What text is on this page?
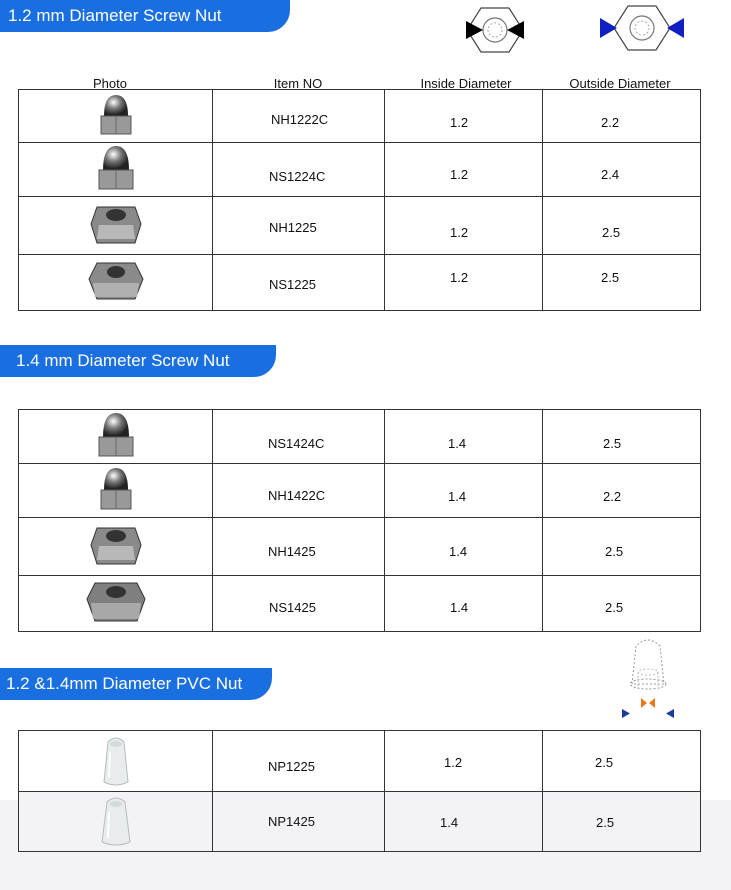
1.2 mm Diameter Screw Nut
Photo	Item NO	Inside Diameter	Outside Diameter

NH1222C	1.2	2.2

NS1224C	1.2	2.4

NH1225	1.2	2.5

NS1225	1.2	2.5
1.4 mm Diameter Screw Nut

NS1424C	1.4	2.5

NH1422C	1.4	2.2

NH1425	1.4	2.5

NS1425	1.4	2.5
1.2 &1.4mm Diameter PVC Nut

NP1225	1.2	2.5

NP1425	1.4	2.5
